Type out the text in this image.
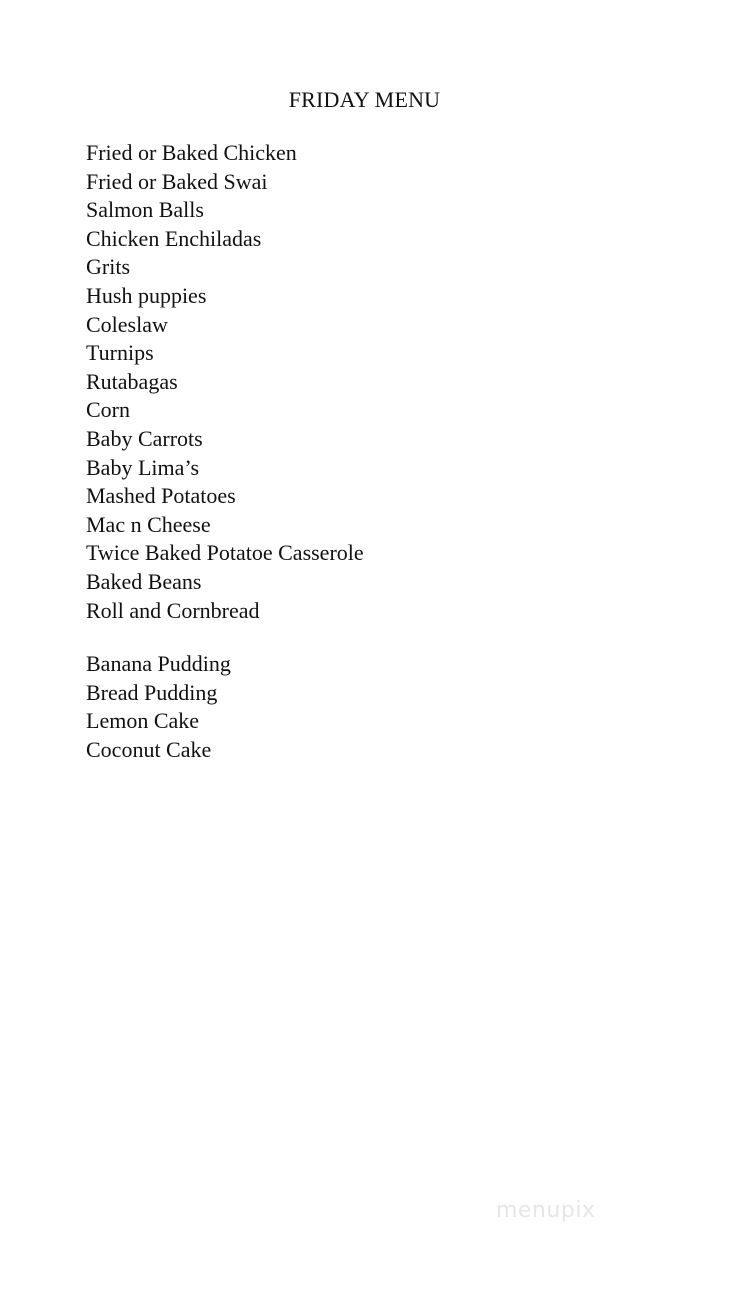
FRIDAY MENU
Fried or Baked Chicken
Fried or Baked Swai
Salmon Balls
Chicken Enchiladas
Grits
Hush puppies
Coleslaw
Turnips
Rutabagas
Corn
Baby Carrots
Baby Lima’s
Mashed Potatoes
Mac n Cheese
Twice Baked Potatoe Casserole
Baked Beans
Roll and Cornbread
Banana Pudding
Bread Pudding
Lemon Cake
Coconut Cake
menupix
